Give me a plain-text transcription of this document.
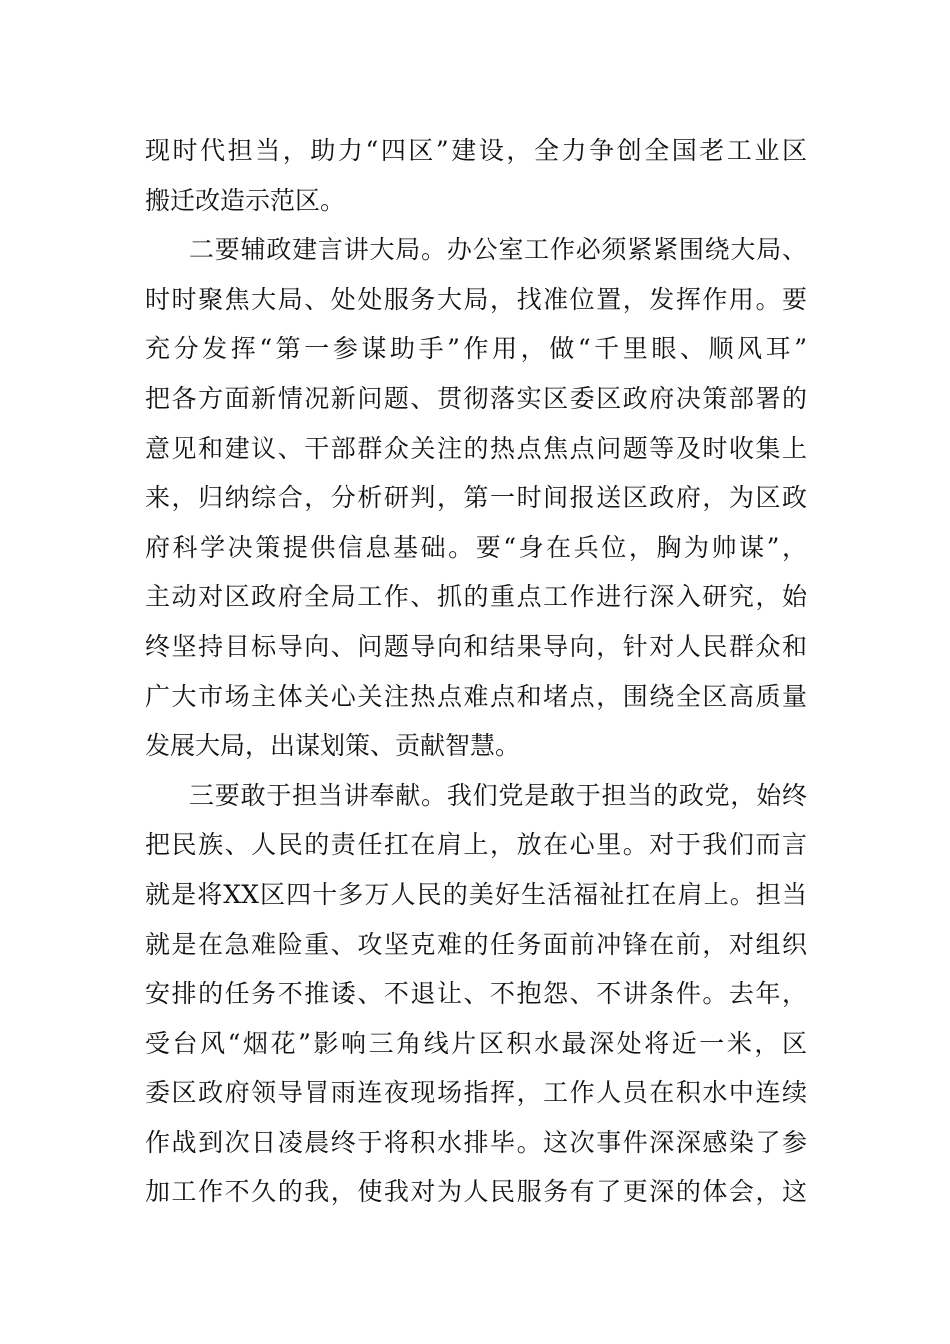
现时代担当，助力“四区”建设，全力争创全国老工业区
搬迁改造示范区。
二要辅政建言讲大局。办公室工作必须紧紧围绕大局、
时时聚焦大局、处处服务大局，找准位置，发挥作用。要
充分发挥“第一参谋助手”作用，做“千里眼、顺风耳”
把各方面新情况新问题、贯彻落实区委区政府决策部署的
意见和建议、干部群众关注的热点焦点问题等及时收集上
来，归纳综合，分析研判，第一时间报送区政府，为区政
府科学决策提供信息基础。要“身在兵位，胸为帅谋”，
主动对区政府全局工作、抓的重点工作进行深入研究，始
终坚持目标导向、问题导向和结果导向，针对人民群众和
广大市场主体关心关注热点难点和堵点，围绕全区高质量
发展大局，出谋划策、贡献智慧。
三要敢于担当讲奉献。我们党是敢于担当的政党，始终
把民族、人民的责任扛在肩上，放在心里。对于我们而言
就是将XX区四十多万人民的美好生活福祉扛在肩上。担当
就是在急难险重、攻坚克难的任务面前冲锋在前，对组织
安排的任务不推诿、不退让、不抱怨、不讲条件。去年，
受台风“烟花”影响三角线片区积水最深处将近一米，区
委区政府领导冒雨连夜现场指挥，工作人员在积水中连续
作战到次日凌晨终于将积水排毕。这次事件深深感染了参
加工作不久的我，使我对为人民服务有了更深的体会，这
